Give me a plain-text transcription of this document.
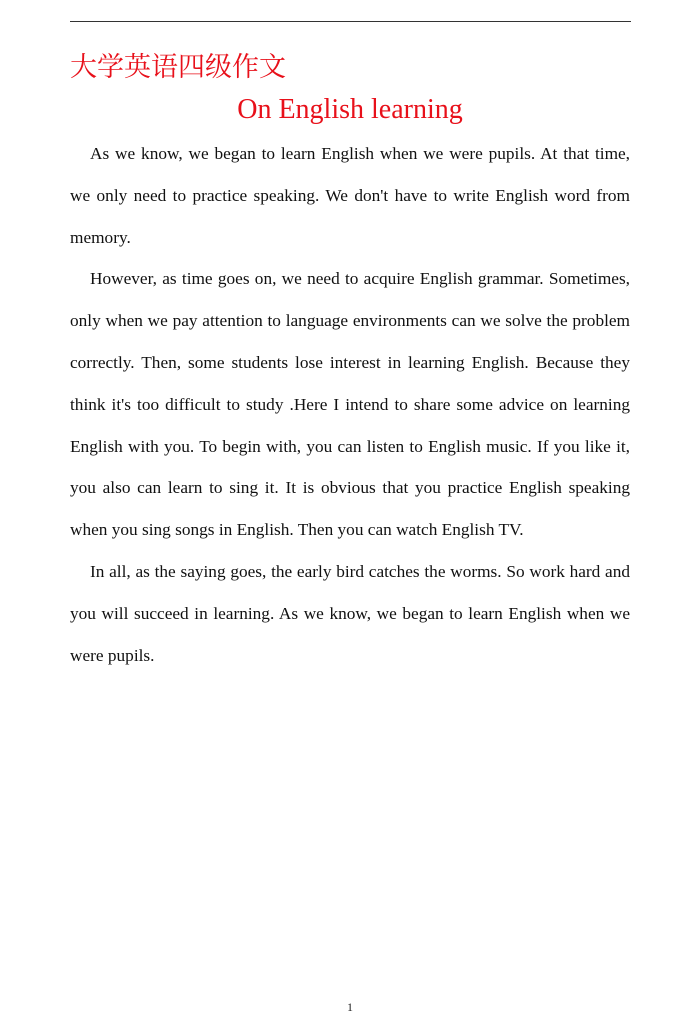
大学英语四级作文
On English learning

As we know, we began to learn English when we were pupils. At that time, we only need to practice speaking. We don't have to write English word from memory.

However, as time goes on, we need to acquire English grammar. Sometimes, only when we pay attention to language environments can we solve the problem correctly. Then, some students lose interest in learning English. Because they think it's too difficult to study .Here I intend to share some advice on learning English with you. To begin with, you can listen to English music. If you like it, you also can learn to sing it. It is obvious that you practice English speaking when you sing songs in English. Then you can watch English TV.

In all, as the saying goes, the early bird catches the worms. So work hard and you will succeed in learning. As we know, we began to learn English when we were pupils.

1
